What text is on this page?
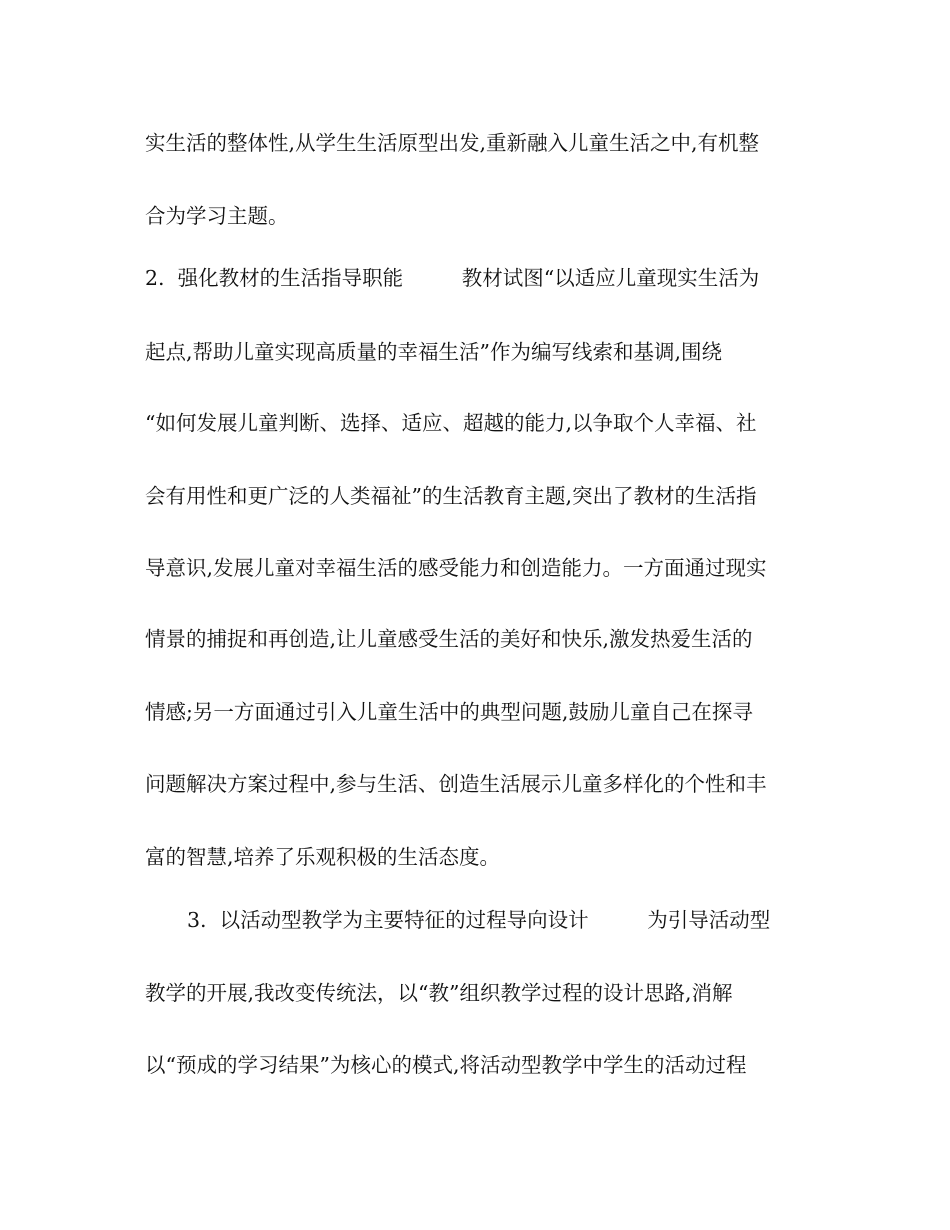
实生活的整体性,从学生生活原型出发,重新融入儿童生活之中,有机整
合为学习主题。
2.  强化教材的生活指导职能         教材试图“以适应儿童现实生活为
起点,帮助儿童实现高质量的幸福生活”作为编写线索和基调,围绕
“如何发展儿童判断、选择、适应、超越的能力,以争取个人幸福、社
会有用性和更广泛的人类福祉”的生活教育主题,突出了教材的生活指
导意识,发展儿童对幸福生活的感受能力和创造能力。一方面通过现实
情景的捕捉和再创造,让儿童感受生活的美好和快乐,激发热爱生活的
情感;另一方面通过引入儿童生活中的典型问题,鼓励儿童自己在探寻
问题解决方案过程中,参与生活、创造生活展示儿童多样化的个性和丰
富的智慧,培养了乐观积极的生活态度。
3.  以活动型教学为主要特征的过程导向设计         为引导活动型
教学的开展,我改变传统法，以“教”组织教学过程的设计思路,消解
以“预成的学习结果”为核心的模式,将活动型教学中学生的活动过程
